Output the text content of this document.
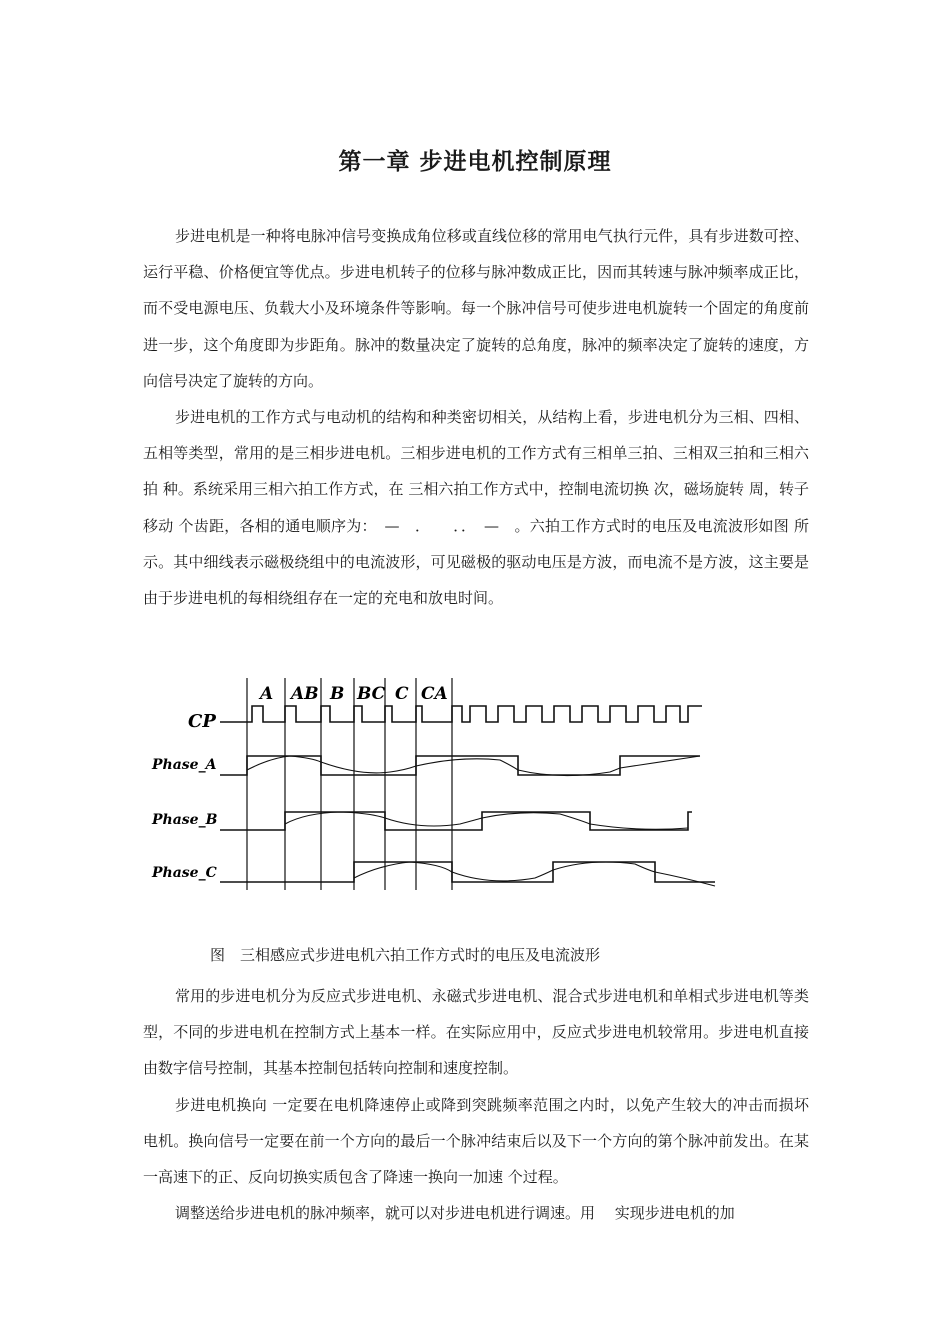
第一章 步进电机控制原理

步进电机是一种将电脉冲信号变换成角位移或直线位移的常用电气执行元件，具有步进数可控、运行平稳、价格便宜等优点。步进电机转子的位移与脉冲数成正比，因而其转速与脉冲频率成正比，而不受电源电压、负载大小及环境条件等影响。每一个脉冲信号可使步进电机旋转一个固定的角度前进一步，这个角度即为步距角。脉冲的数量决定了旋转的总角度，脉冲的频率决定了旋转的速度，方向信号决定了旋转的方向。

步进电机的工作方式与电动机的结构和种类密切相关，从结构上看，步进电机分为三相、四相、五相等类型，常用的是三相步进电机。三相步进电机的工作方式有三相单三拍、三相双三拍和三相六拍 种。系统采用三相六拍工作方式，在 三相六拍工作方式中，控制电流切换 次，磁场旋转 周，转子移动 个齿距，各相的通电顺序为：　—　．　　．．　—　。六拍工作方式时的电压及电流波形如图 所示。其中细线表示磁极绕组中的电流波形，可见磁极的驱动电压是方波，而电流不是方波，这主要是由于步进电机的每相绕组存在一定的充电和放电时间。

A AB B BC C CA
CP
Phase_A
Phase_B
Phase_C
图　三相感应式步进电机六拍工作方式时的电压及电流波形

常用的步进电机分为反应式步进电机、永磁式步进电机、混合式步进电机和单相式步进电机等类型，不同的步进电机在控制方式上基本一样。在实际应用中，反应式步进电机较常用。步进电机直接由数字信号控制，其基本控制包括转向控制和速度控制。

步进电机换向 一定要在电机降速停止或降到突跳频率范围之内时，以免产生较大的冲击而损坏电机。换向信号一定要在前一个方向的最后一个脉冲结束后以及下一个方向的第个脉冲前发出。在某一高速下的正、反向切换实质包含了降速一换向一加速 个过程。

调整送给步进电机的脉冲频率，就可以对步进电机进行调速。用　 实现步进电机的加
